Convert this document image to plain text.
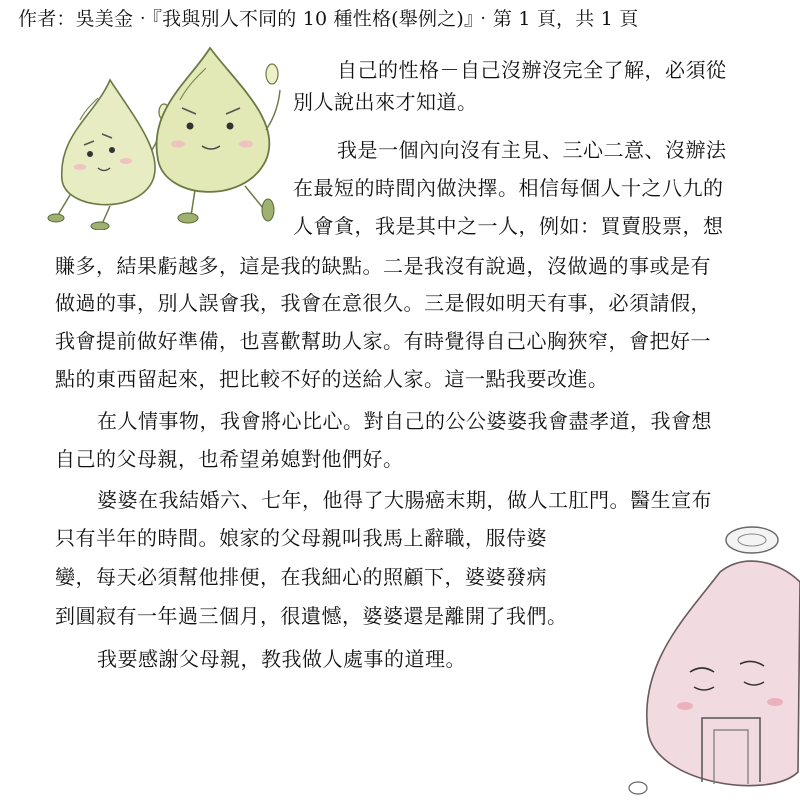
作者：吳美金‧『我與別人不同的 10 種性格(舉例之)』‧第 1 頁，共 1 頁
自己的性格－自己沒辦沒完全了解，必須從
別人說出來才知道。
我是一個內向沒有主見、三心二意、沒辦法
在最短的時間內做決擇。相信每個人十之八九的
人會貪，我是其中之一人，例如：買賣股票，想
賺多，結果虧越多，這是我的缺點。二是我沒有說過，沒做過的事或是有
做過的事，別人誤會我，我會在意很久。三是假如明天有事，必須請假，
我會提前做好準備，也喜歡幫助人家。有時覺得自己心胸狹窄，會把好一
點的東西留起來，把比較不好的送給人家。這一點我要改進。
在人情事物，我會將心比心。對自己的公公婆婆我會盡孝道，我會想
自己的父母親，也希望弟媳對他們好。
婆婆在我結婚六、七年，他得了大腸癌末期，做人工肛門。醫生宣布
只有半年的時間。娘家的父母親叫我馬上辭職，服侍婆
孌，每天必須幫他排便，在我細心的照顧下，婆婆發病
到圓寂有一年過三個月，很遺憾，婆婆還是離開了我們。
我要感謝父母親，教我做人處事的道理。
